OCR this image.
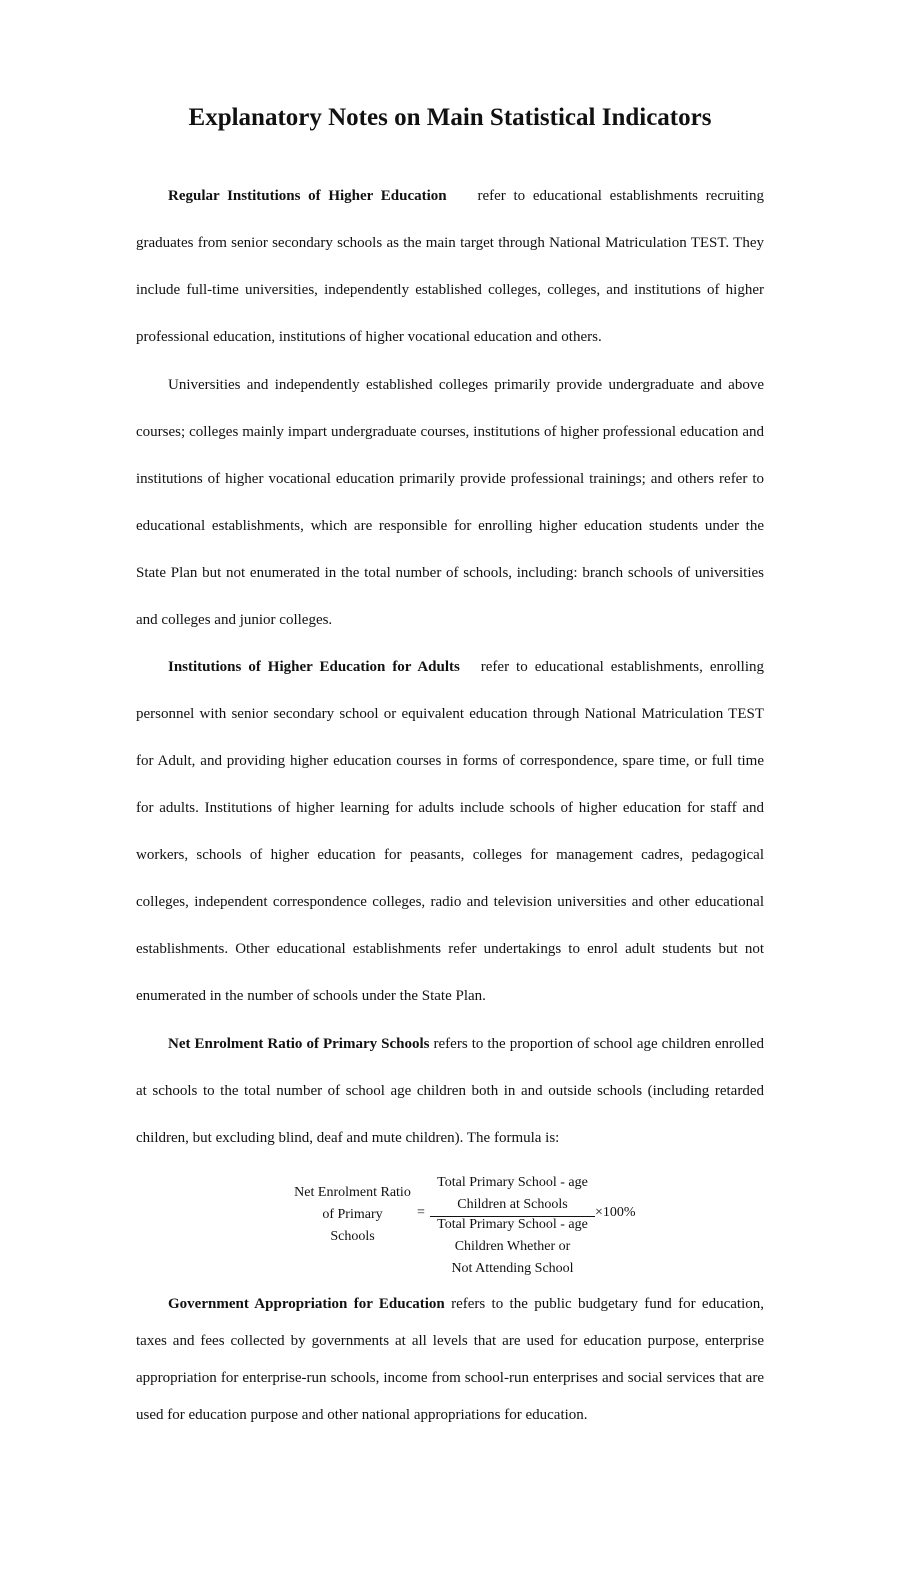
Explanatory Notes on Main Statistical Indicators

Regular Institutions of Higher Education refer to educational establishments recruiting graduates from senior secondary schools as the main target through National Matriculation TEST. They include full-time universities, independently established colleges, colleges, and institutions of higher professional education, institutions of higher vocational education and others.

Universities and independently established colleges primarily provide undergraduate and above courses; colleges mainly impart undergraduate courses, institutions of higher professional education and institutions of higher vocational education primarily provide professional trainings; and others refer to educational establishments, which are responsible for enrolling higher education students under the State Plan but not enumerated in the total number of schools, including: branch schools of universities and colleges and junior colleges.

Institutions of Higher Education for Adults refer to educational establishments, enrolling personnel with senior secondary school or equivalent education through National Matriculation TEST for Adult, and providing higher education courses in forms of correspondence, spare time, or full time for adults. Institutions of higher learning for adults include schools of higher education for staff and workers, schools of higher education for peasants, colleges for management cadres, pedagogical colleges, independent correspondence colleges, radio and television universities and other educational establishments. Other educational establishments refer undertakings to enrol adult students but not enumerated in the number of schools under the State Plan.

Net Enrolment Ratio of Primary Schools refers to the proportion of school age children enrolled at schools to the total number of school age children both in and outside schools (including retarded children, but excluding blind, deaf and mute children). The formula is:

Net Enrolment Ratio
of Primary
Schools
=
Total Primary School - age
Children at Schools
Total Primary School - age
Children Whether or
Not Attending School
×100%

Government Appropriation for Education refers to the public budgetary fund for education, taxes and fees collected by governments at all levels that are used for education purpose, enterprise appropriation for enterprise-run schools, income from school-run enterprises and social services that are used for education purpose and other national appropriations for education.
